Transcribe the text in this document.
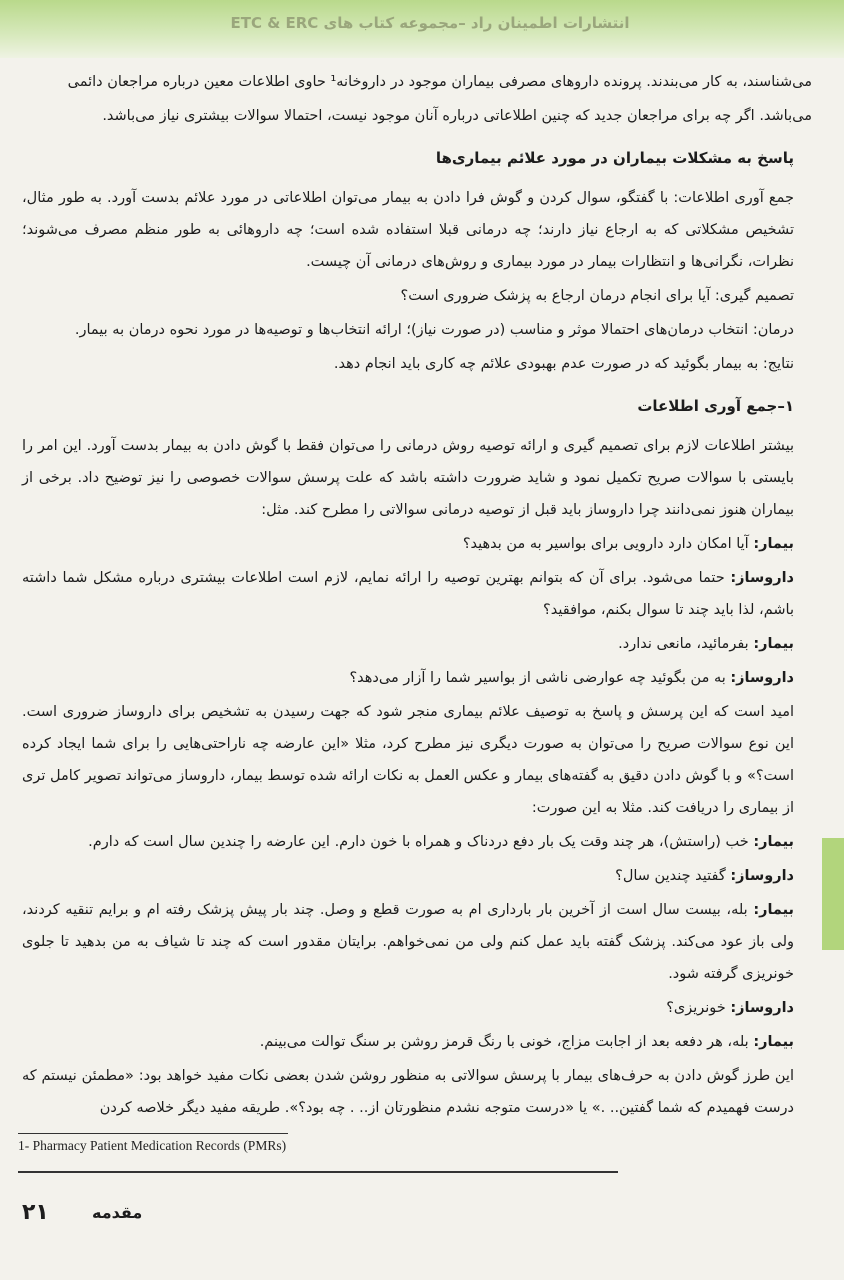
انتشارات اطمینان راد –مجموعه کتاب های ETC & ERC

می‌شناسند، به کار می‌بندند. پرونده داروهای مصرفی بیماران موجود در داروخانه¹ حاوی اطلاعات معین درباره مراجعان دائمی

می‌باشد. اگر چه برای مراجعان جدید که چنین اطلاعاتی درباره آنان موجود نیست، احتمالا سوالات بیشتری نیاز می‌باشد.

پاسخ به مشکلات بیماران در مورد علائم بیماری‌ها

جمع آوری اطلاعات: با گفتگو، سوال کردن و گوش فرا دادن به بیمار می‌توان اطلاعاتی در مورد علائم بدست آورد. به طور مثال، تشخیص مشکلاتی که به ارجاع نیاز دارند؛ چه درمانی قبلا استفاده شده است؛ چه داروهائی به طور منظم مصرف می‌شوند؛ نظرات، نگرانی‌ها و انتظارات بیمار در مورد بیماری و روش‌های درمانی آن چیست.

تصمیم گیری: آیا برای انجام درمان ارجاع به پزشک ضروری است؟

درمان: انتخاب درمان‌های احتمالا موثر و مناسب (در صورت نیاز)؛ ارائه انتخاب‌ها و توصیه‌ها در مورد نحوه درمان به بیمار.

نتایج: به بیمار بگوئید که در صورت عدم بهبودی علائم چه کاری باید انجام دهد.

۱–جمع آوری اطلاعات

بیشتر اطلاعات لازم برای تصمیم گیری و ارائه توصیه روش درمانی را می‌توان فقط با گوش دادن به بیمار بدست آورد. این امر را بایستی با سوالات صریح تکمیل نمود و شاید ضرورت داشته باشد که علت پرسش سوالات خصوصی را نیز توضیح داد. برخی از بیماران هنوز نمی‌دانند چرا داروساز باید قبل از توصیه درمانی سوالاتی را مطرح کند. مثل:

بیمار: آیا امکان دارد دارویی برای بواسیر به من بدهید؟

داروساز: حتما می‌شود. برای آن که بتوانم بهترین توصیه را ارائه نمایم، لازم است اطلاعات بیشتری درباره مشکل شما داشته باشم، لذا باید چند تا سوال بکنم، موافقید؟

بیمار: بفرمائید، مانعی ندارد.

داروساز: به من بگوئید چه عوارضی ناشی از بواسیر شما را آزار می‌دهد؟

امید است که این پرسش و پاسخ به توصیف علائم بیماری منجر شود که جهت رسیدن به تشخیص برای داروساز ضروری است. این نوع سوالات صریح را می‌توان به صورت دیگری نیز مطرح کرد، مثلا «این عارضه چه ناراحتی‌هایی را برای شما ایجاد کرده است؟» و با گوش دادن دقیق به گفته‌های بیمار و عکس العمل به نکات ارائه شده توسط بیمار، داروساز می‌تواند تصویر کامل تری از بیماری را دریافت کند. مثلا به این صورت:

بیمار: خب (راستش)، هر چند وقت یک بار دفع دردناک و همراه با خون دارم. این عارضه را چندین سال است که دارم.

داروساز: گفتید چندین سال؟

بیمار: بله، بیست سال است از آخرین بار بارداری ام به صورت قطع و وصل. چند بار پیش پزشک رفته ام و برایم تنقیه کردند، ولی باز عود می‌کند. پزشک گفته باید عمل کنم ولی من نمی‌خواهم. برایتان مقدور است که چند تا شیاف به من بدهید تا جلوی خونریزی گرفته شود.

داروساز: خونریزی؟

بیمار: بله، هر دفعه بعد از اجابت مزاج، خونی با رنگ قرمز روشن بر سنگ توالت می‌بینم.

این طرز گوش دادن به حرف‌های بیمار با پرسش سوالاتی به منظور روشن شدن بعضی نکات مفید خواهد بود: «مطمئن نیستم که درست فهمیدم که شما گفتین.. .» یا «درست متوجه نشدم منظورتان از.. . چه بود؟». طریقه مفید دیگر خلاصه کردن

1- Pharmacy Patient Medication Records (PMRs)
۲۱	مقدمه
